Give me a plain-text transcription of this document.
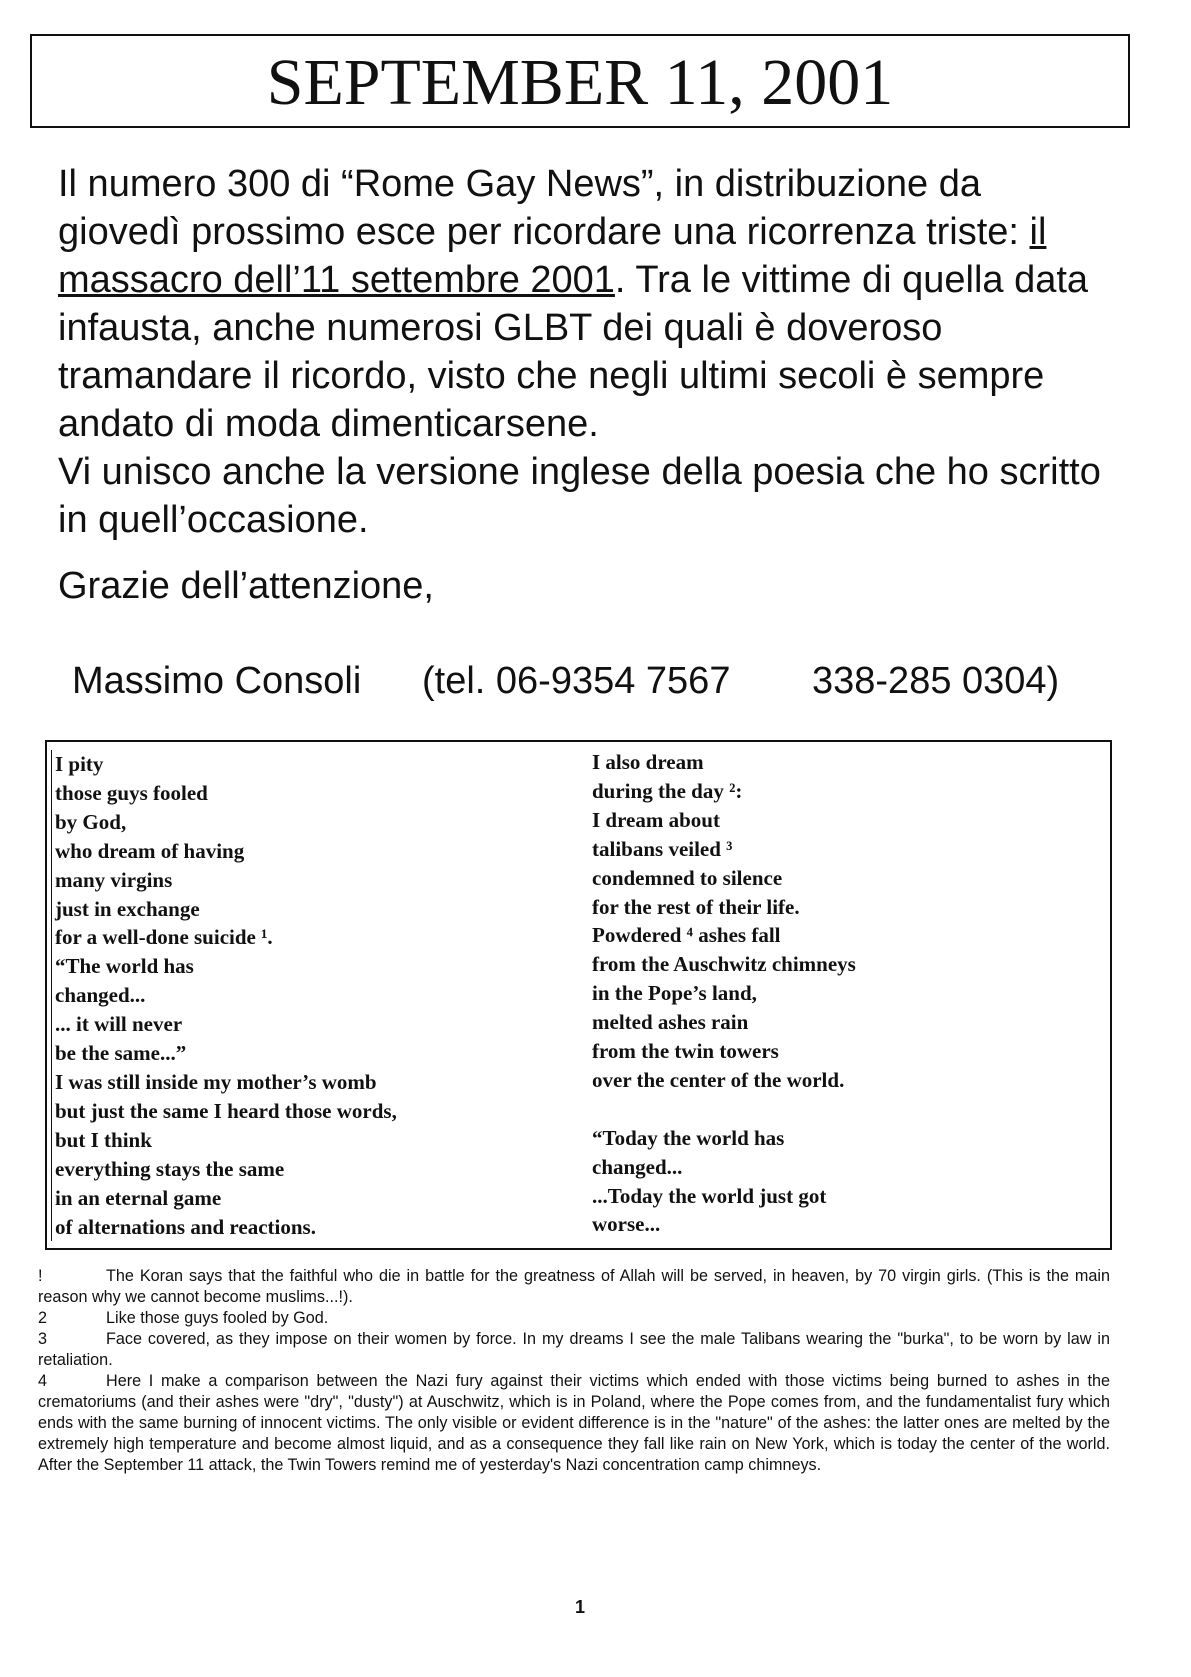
SEPTEMBER 11, 2001

Il numero 300 di “Rome Gay News”, in distribuzione da giovedì prossimo esce per ricordare una ricorrenza triste: il massacro dell’11 settembre 2001. Tra le vittime di quella data infausta, anche numerosi GLBT dei quali è doveroso tramandare il ricordo, visto che negli ultimi secoli è sempre andato di moda dimenticarsene.

Vi unisco anche la versione inglese della poesia che ho scritto in quell’occasione.

Grazie dell’attenzione,

Massimo Consoli	(tel. 06-9354 7567	338-285 0304)
I pity
those guys fooled
by God,
who dream of having
many virgins
just in exchange
for a well-done suicide ¹.
“The world has
changed...
... it will never
be the same...”
I was still inside my mother’s womb
but just the same I heard those words,
but I think
everything stays the same
in an eternal game
of alternations and reactions.
I also dream
during the day ²:
I dream about
talibans veiled ³
condemned to silence
for the rest of their life.
Powdered ⁴ ashes fall
from the Auschwitz chimneys
in the Pope’s land,
melted ashes rain
from the twin towers
over the center of the world.
“Today the world has
changed...
...Today the world just got
worse...

!	The Koran says that the faithful who die in battle for the greatness of Allah will be served, in heaven, by 70 virgin girls. (This is the main reason why we cannot become muslims...!).

2	Like those guys fooled by God.

3	Face covered, as they impose on their women by force. In my dreams I see the male Talibans wearing the "burka", to be worn by law in retaliation.

4	Here I make a comparison between the Nazi fury against their victims which ended with those victims being burned to ashes in the crematoriums (and their ashes were "dry", "dusty") at Auschwitz, which is in Poland, where the Pope comes from, and the fundamentalist fury which ends with the same burning of innocent victims. The only visible or evident difference is in the "nature" of the ashes: the latter ones are melted by the extremely high temperature and become almost liquid, and as a consequence they fall like rain on New York, which is today the center of the world. After the September 11 attack, the Twin Towers remind me of yesterday's Nazi concentration camp chimneys.

1
